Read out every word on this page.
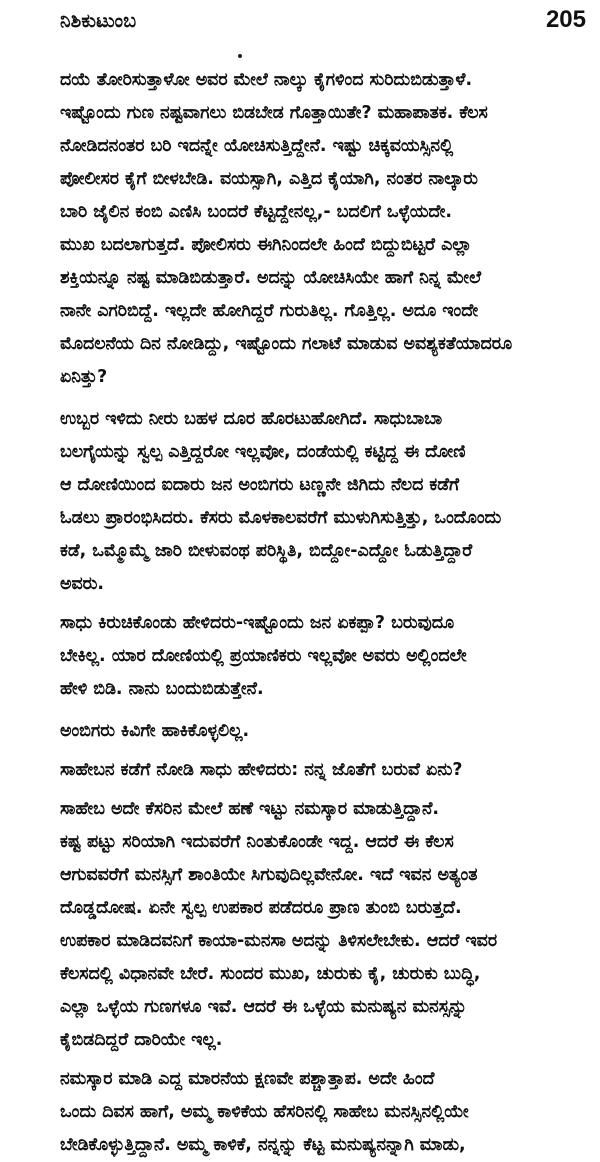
ನಿಶಿಕುಟುಂಬ	205

ದಯೆ ತೋರಿಸುತ್ತಾಳೋ ಅವರ ಮೇಲೆ ನಾಲ್ಕು ಕೈಗಳಿಂದ ಸುರಿದುಬಿಡುತ್ತಾಳೆ.
ಇಷ್ಟೊಂದು ಗುಣ ನಷ್ಟವಾಗಲು ಬಿಡಬೇಡ ಗೊತ್ತಾಯಿತೇ? ಮಹಾಪಾತಕ. ಕೆಲಸ
ನೋಡಿದನಂತರ ಬರಿ ಇದನ್ನೇ ಯೋಚಿಸುತ್ತಿದ್ದೇನೆ. ಇಷ್ಟು ಚಿಕ್ಕವಯಸ್ಸಿನಲ್ಲಿ
ಪೋಲೀಸರ ಕೈಗೆ ಬೀಳಬೇಡಿ. ವಯಸ್ಸಾಗಿ, ಎತ್ತಿದ ಕೈಯಾಗಿ, ನಂತರ ನಾಲ್ಕಾರು
ಬಾರಿ ಜೈಲಿನ ಕಂಬಿ ಎಣಿಸಿ ಬಂದರೆ ಕೆಟ್ಟದ್ದೇನಲ್ಲ,- ಬದಲಿಗೆ ಒಳ್ಳೆಯದೇ.
ಮುಖ ಬದಲಾಗುತ್ತದೆ. ಪೋಲಿಸರು ಈಗಿನಿಂದಲೇ ಹಿಂದೆ ಬಿದ್ದುಬಿಟ್ಟರೆ ಎಲ್ಲಾ
ಶಕ್ತಿಯನ್ನೂ ನಷ್ಟ ಮಾಡಿಬಿಡುತ್ತಾರೆ. ಅದನ್ನು ಯೋಚಿಸಿಯೇ ಹಾಗೆ ನಿನ್ನ ಮೇಲೆ
ನಾನೇ ಎಗರಿಬಿದ್ದೆ. ಇಲ್ಲದೇ ಹೋಗಿದ್ದರೆ ಗುರುತಿಲ್ಲ. ಗೊತ್ತಿಲ್ಲ. ಅದೂ ಇಂದೇ
ಮೊದಲನೆಯ ದಿನ ನೋಡಿದ್ದು, ಇಷ್ಟೊಂದು ಗಲಾಟೆ ಮಾಡುವ ಅವಶ್ಯಕತೆಯಾದರೂ
ಏನಿತ್ತು?

ಉಬ್ಬರ ಇಳಿದು ನೀರು ಬಹಳ ದೂರ ಹೊರಟುಹೋಗಿದೆ. ಸಾಧುಬಾಬಾ
ಬಲಗೈಯನ್ನು ಸ್ವಲ್ಪ ಎತ್ತಿದ್ದರೋ ಇಲ್ಲವೋ, ದಂಡೆಯಲ್ಲಿ ಕಟ್ಟಿದ್ದ ಈ ದೋಣಿ
ಆ ದೋಣಿಯಿಂದ ಐದಾರು ಜನ ಅಂಬಿಗರು ಟಣ್ಣನೇ ಜಿಗಿದು ನೆಲದ ಕಡೆಗೆ
ಓಡಲು ಪ್ರಾರಂಭಿಸಿದರು. ಕೆಸರು ಮೊಳಕಾಲವರೆಗೆ ಮುಳುಗಿಸುತ್ತಿತ್ತು, ಒಂದೊಂದು
ಕಡೆ, ಒಮ್ಮೊಮ್ಮೆ ಜಾರಿ ಬೀಳುವಂಥ ಪರಿಸ್ಥಿತಿ, ಬಿದ್ದೋ-ಎದ್ದೋ ಓಡುತ್ತಿದ್ದಾರೆ
ಅವರು.

ಸಾಧು ಕಿರುಚಿಕೊಂಡು ಹೇಳಿದರು-ಇಷ್ಟೊಂದು ಜನ ಏಕಪ್ಪಾ? ಬರುವುದೂ
ಬೇಕಿಲ್ಲ. ಯಾರ ದೋಣಿಯಲ್ಲಿ ಪ್ರಯಾಣಿಕರು ಇಲ್ಲವೋ ಅವರು ಅಲ್ಲಿಂದಲೇ
ಹೇಳಿ ಬಿಡಿ. ನಾನು ಬಂದುಬಿಡುತ್ತೇನೆ.

ಅಂಬಿಗರು ಕಿವಿಗೇ ಹಾಕಿಕೊಳ್ಳಲಿಲ್ಲ.

ಸಾಹೇಬನ ಕಡೆಗೆ ನೋಡಿ ಸಾಧು ಹೇಳಿದರು: ನನ್ನ ಜೊತೆಗೆ ಬರುವೆ ಏನು?

ಸಾಹೇಬ ಅದೇ ಕೆಸರಿನ ಮೇಲೆ ಹಣೆ ಇಟ್ಟು ನಮಸ್ಕಾರ ಮಾಡುತ್ತಿದ್ದಾನೆ.
ಕಷ್ಟ ಪಟ್ಟು ಸರಿಯಾಗಿ ಇದುವರೆಗೆ ನಿಂತುಕೊಂಡೇ ಇದ್ದ. ಆದರೆ ಈ ಕೆಲಸ
ಆಗುವವರೆಗೆ ಮನಸ್ಸಿಗೆ ಶಾಂತಿಯೇ ಸಿಗುವುದಿಲ್ಲವೇನೋ. ಇದೆ ಇವನ ಅತ್ಯಂತ
ದೊಡ್ಡದೋಷ. ಏನೇ ಸ್ವಲ್ಪ ಉಪಕಾರ ಪಡೆದರೂ ಪ್ರಾಣ ತುಂಬಿ ಬರುತ್ತದೆ.
ಉಪಕಾರ ಮಾಡಿದವನಿಗೆ ಕಾಯಾ-ಮನಸಾ ಅದನ್ನು ತಿಳಿಸಲೇಬೇಕು. ಆದರೆ ಇವರ
ಕೆಲಸದಲ್ಲಿ ವಿಧಾನವೇ ಬೇರೆ. ಸುಂದರ ಮುಖ, ಚುರುಕು ಕೈ, ಚುರುಕು ಬುದ್ಧಿ,
ಎಲ್ಲಾ ಒಳ್ಳೆಯ ಗುಣಗಳೂ ಇವೆ. ಆದರೆ ಈ ಒಳ್ಳೆಯ ಮನುಷ್ಯನ ಮನಸ್ಸನ್ನು
ಕೈಬಿಡದಿದ್ದರೆ ದಾರಿಯೇ ಇಲ್ಲ.

ನಮಸ್ಕಾರ ಮಾಡಿ ಎದ್ದ ಮಾರನೆಯ ಕ್ಷಣವೇ ಪಶ್ಚಾತ್ತಾಪ. ಅದೇ ಹಿಂದೆ
ಒಂದು ದಿವಸ ಹಾಗೆ, ಅಮ್ಮ ಕಾಳಿಕೆಯ ಹೆಸರಿನಲ್ಲಿ ಸಾಹೇಬ ಮನಸ್ಸಿನಲ್ಲಿಯೇ
ಬೇಡಿಕೊಳ್ಳುತ್ತಿದ್ದಾನೆ. ಅಮ್ಮ ಕಾಳಿಕೆ, ನನ್ನನ್ನು ಕೆಟ್ಟ ಮನುಷ್ಯನನ್ನಾಗಿ ಮಾಡು,
